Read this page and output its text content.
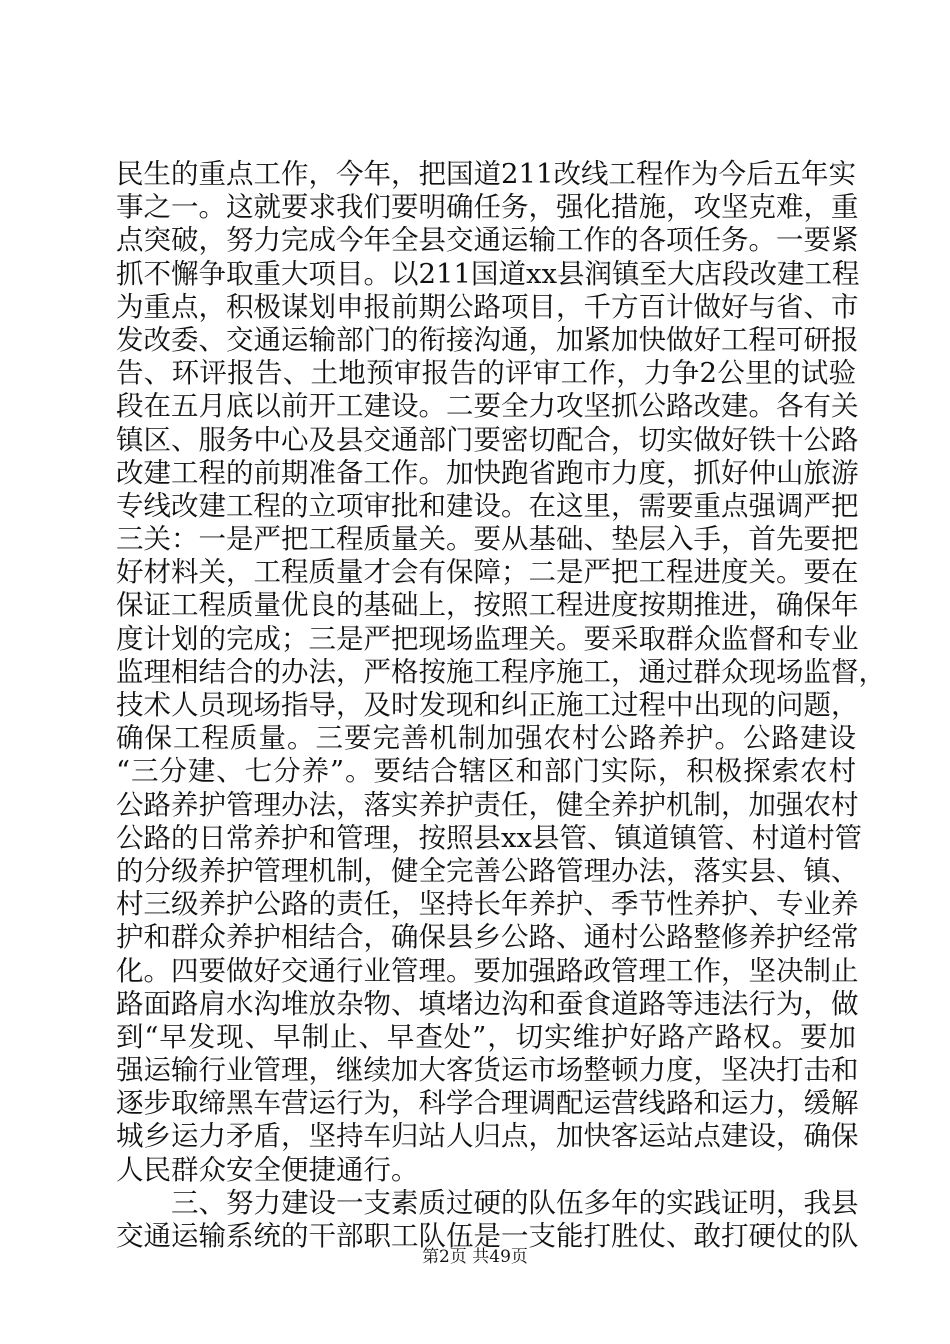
民生的重点工作，今年，把国道211改线工程作为今后五年实
事之一。这就要求我们要明确任务，强化措施，攻坚克难，重
点突破，努力完成今年全县交通运输工作的各项任务。一要紧
抓不懈争取重大项目。以211国道xx县润镇至大店段改建工程
为重点，积极谋划申报前期公路项目，千方百计做好与省、市
发改委、交通运输部门的衔接沟通，加紧加快做好工程可研报
告、环评报告、土地预审报告的评审工作，力争2公里的试验
段在五月底以前开工建设。二要全力攻坚抓公路改建。各有关
镇区、服务中心及县交通部门要密切配合，切实做好铁十公路
改建工程的前期准备工作。加快跑省跑市力度，抓好仲山旅游
专线改建工程的立项审批和建设。在这里，需要重点强调严把
三关：一是严把工程质量关。要从基础、垫层入手，首先要把
好材料关，工程质量才会有保障；二是严把工程进度关。要在
保证工程质量优良的基础上，按照工程进度按期推进，确保年
度计划的完成；三是严把现场监理关。要采取群众监督和专业
监理相结合的办法，严格按施工程序施工，通过群众现场监督，
技术人员现场指导，及时发现和纠正施工过程中出现的问题，
确保工程质量。三要完善机制加强农村公路养护。公路建设
“三分建、七分养”。要结合辖区和部门实际，积极探索农村
公路养护管理办法，落实养护责任，健全养护机制，加强农村
公路的日常养护和管理，按照县xx县管、镇道镇管、村道村管
的分级养护管理机制，健全完善公路管理办法，落实县、镇、
村三级养护公路的责任，坚持长年养护、季节性养护、专业养
护和群众养护相结合，确保县乡公路、通村公路整修养护经常
化。四要做好交通行业管理。要加强路政管理工作，坚决制止
路面路肩水沟堆放杂物、填堵边沟和蚕食道路等违法行为，做
到“早发现、早制止、早查处”，切实维护好路产路权。要加
强运输行业管理，继续加大客货运市场整顿力度，坚决打击和
逐步取缔黑车营运行为，科学合理调配运营线路和运力，缓解
城乡运力矛盾，坚持车归站人归点，加快客运站点建设，确保
人民群众安全便捷通行。
三、努力建设一支素质过硬的队伍多年的实践证明，我县
交通运输系统的干部职工队伍是一支能打胜仗、敢打硬仗的队
第2页 共49页
